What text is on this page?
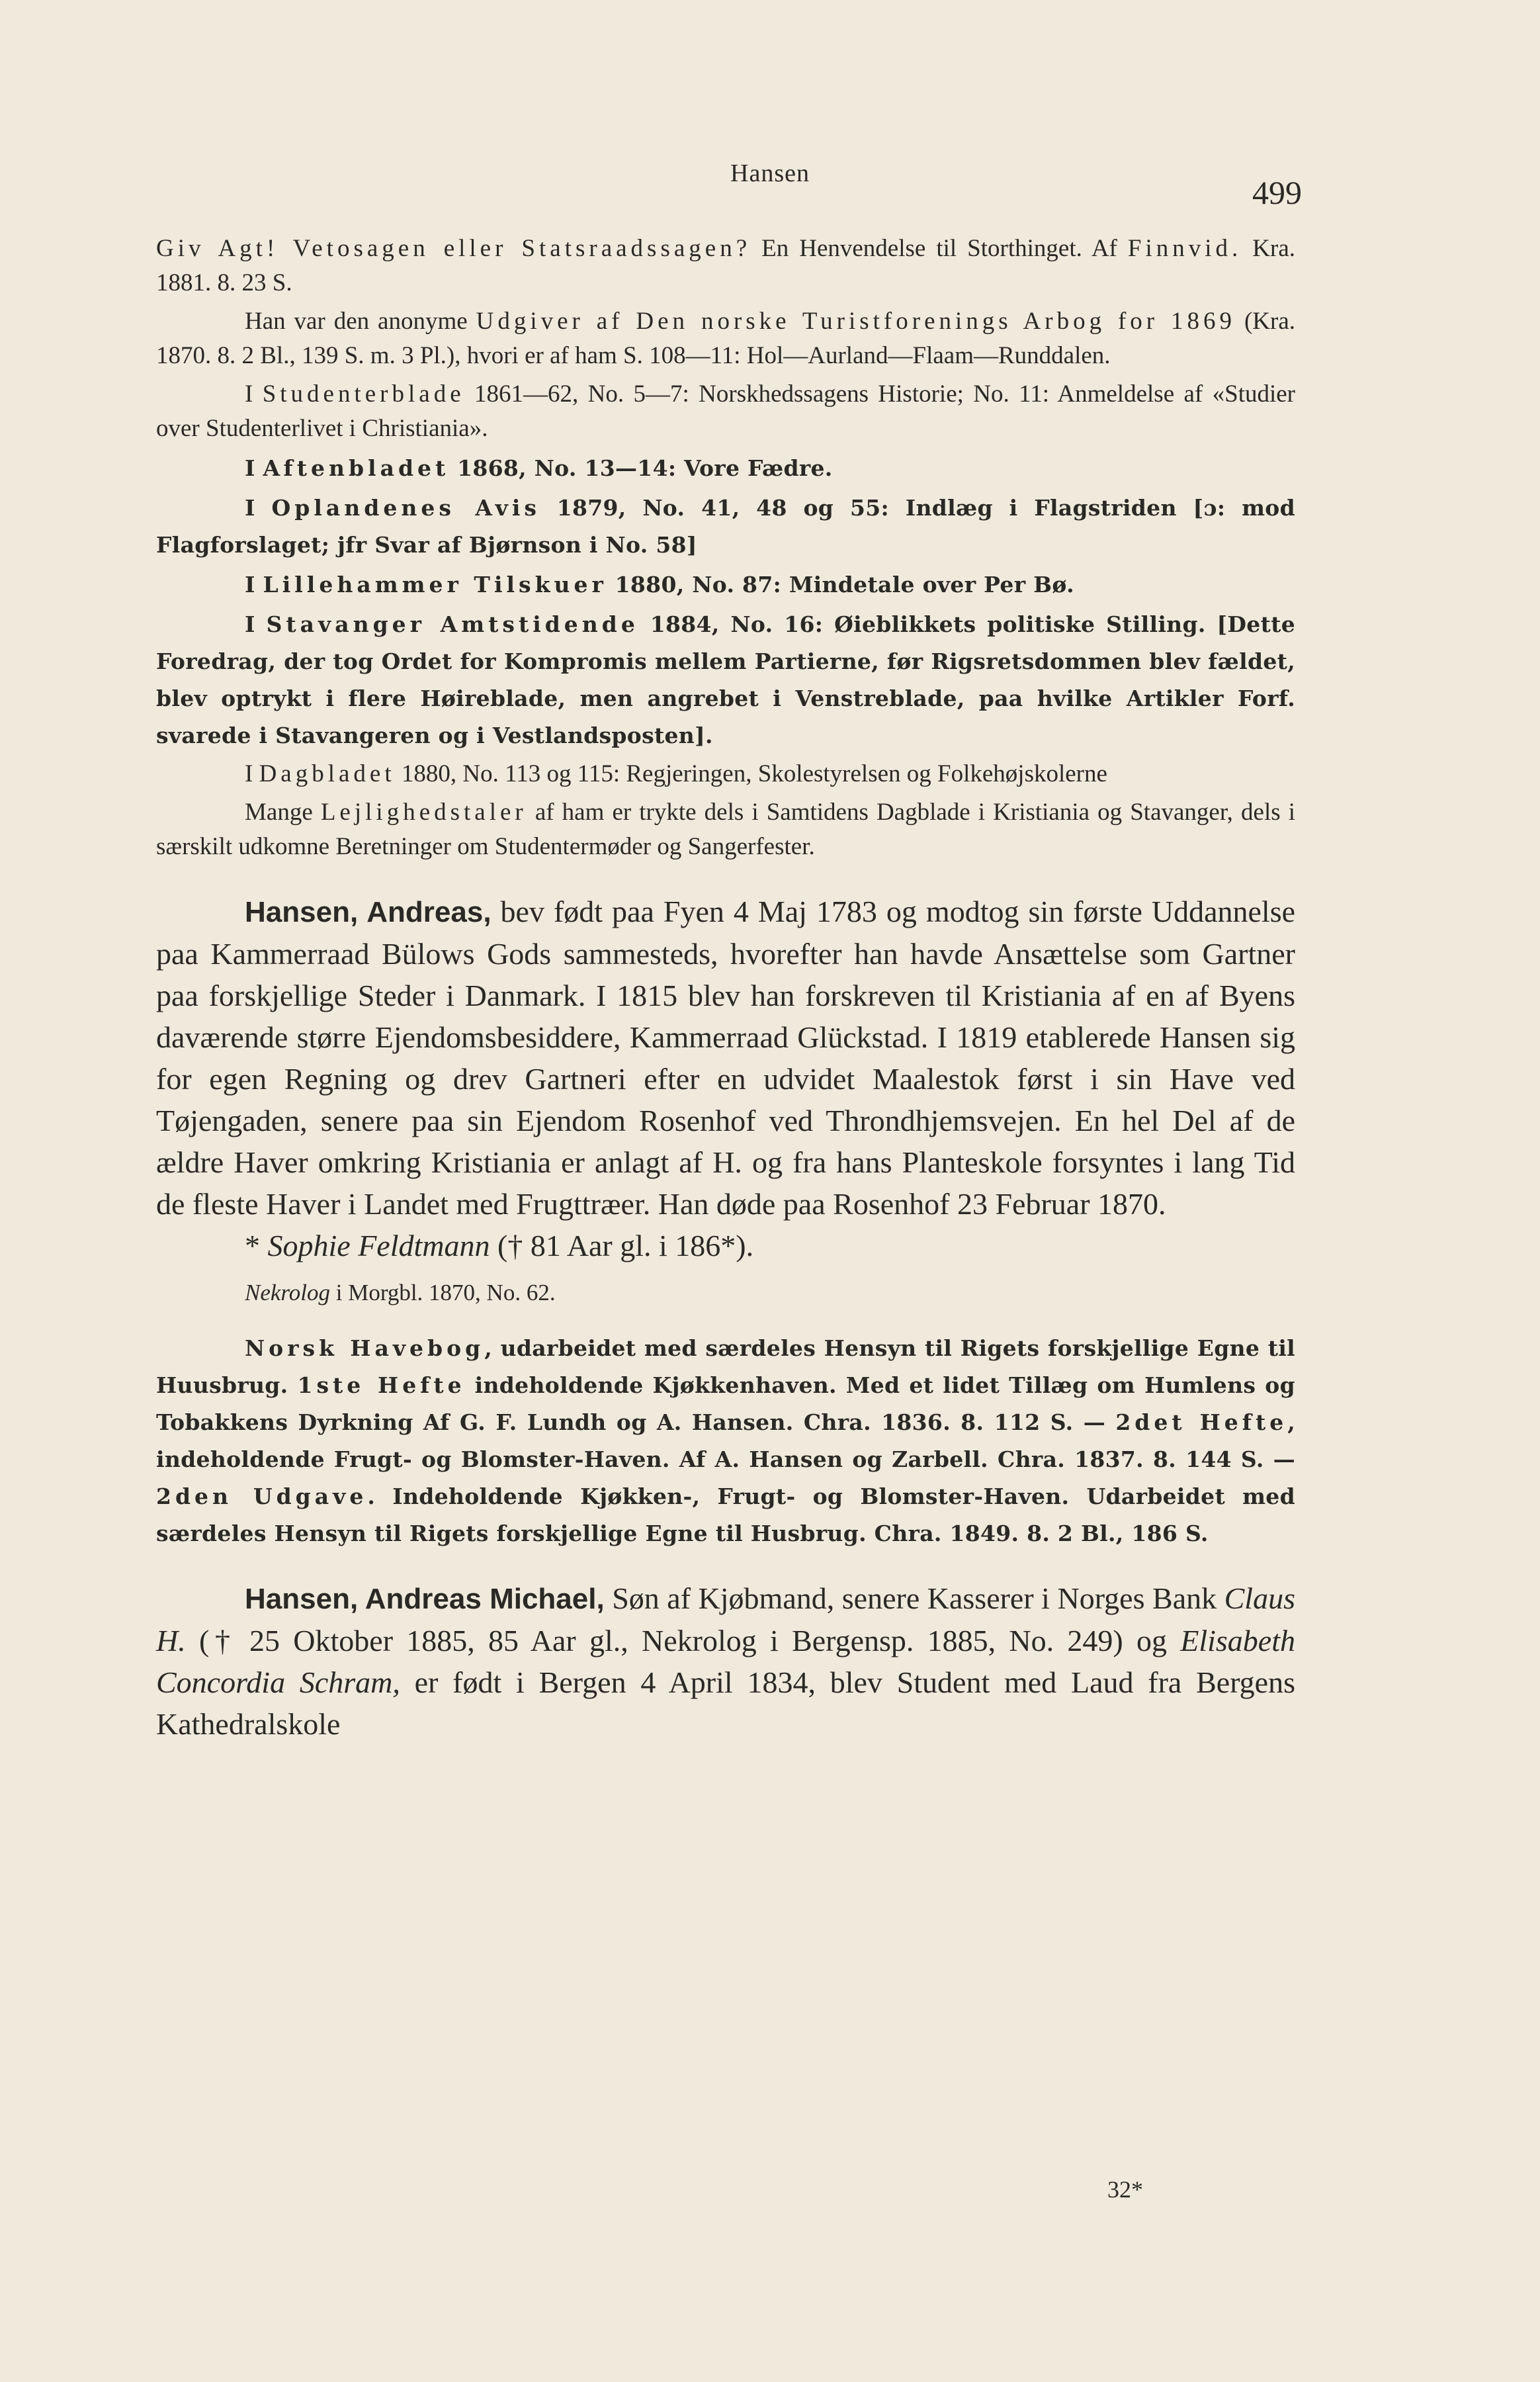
Hansen
499

Giv Agt! Vetosagen eller Statsraadssagen? En Henvendelse til Storthinget. Af Finnvid. Kra. 1881. 8. 23 S.

Han var den anonyme Udgiver af Den norske Turistforenings Arbog for 1869 (Kra. 1870. 8. 2 Bl., 139 S. m. 3 Pl.), hvori er af ham S. 108—11: Hol—Aurland—Flaam—Runddalen.

I Studenterblade 1861—62, No. 5—7: Norskhedssagens Historie; No. 11: Anmeldelse af «Studier over Studenterlivet i Christiania».

I Aftenbladet 1868, No. 13—14: Vore Fædre.

I Oplandenes Avis 1879, No. 41, 48 og 55: Indlæg i Flagstriden [ɔ: mod Flagforslaget; jfr Svar af Bjørnson i No. 58]

I Lillehammer Tilskuer 1880, No. 87: Mindetale over Per Bø.

I Stavanger Amtstidende 1884, No. 16: Øieblikkets politiske Stilling. [Dette Foredrag, der tog Ordet for Kompromis mellem Partierne, før Rigsretsdommen blev fældet, blev optrykt i flere Høireblade, men angrebet i Venstreblade, paa hvilke Artikler Forf. svarede i Stavangeren og i Vestlandsposten].

I Dagbladet 1880, No. 113 og 115: Regjeringen, Skolestyrelsen og Folkehøjskolerne

Mange Lejlighedstaler af ham er trykte dels i Samtidens Dagblade i Kristiania og Stavanger, dels i særskilt udkomne Beretninger om Studentermøder og Sangerfester.

Hansen, Andreas, bev født paa Fyen 4 Maj 1783 og modtog sin første Uddannelse paa Kammerraad Bülows Gods sammesteds, hvorefter han havde Ansættelse som Gartner paa forskjellige Steder i Danmark. I 1815 blev han forskreven til Kristiania af en af Byens daværende større Ejendomsbesiddere, Kammerraad Glückstad. I 1819 etablerede Hansen sig for egen Regning og drev Gartneri efter en udvidet Maalestok først i sin Have ved Tøjengaden, senere paa sin Ejendom Rosenhof ved Throndhjemsvejen. En hel Del af de ældre Haver omkring Kristiania er anlagt af H. og fra hans Planteskole forsyntes i lang Tid de fleste Haver i Landet med Frugttræer. Han døde paa Rosenhof 23 Februar 1870.

* Sophie Feldtmann († 81 Aar gl. i 186*).

Nekrolog i Morgbl. 1870, No. 62.

Norsk Havebog, udarbeidet med særdeles Hensyn til Rigets forskjellige Egne til Huusbrug. 1ste Hefte indeholdende Kjøkkenhaven. Med et lidet Tillæg om Humlens og Tobakkens Dyrkning Af G. F. Lundh og A. Hansen. Chra. 1836. 8. 112 S. — 2det Hefte, indeholdende Frugt- og Blomster-Haven. Af A. Hansen og Zarbell. Chra. 1837. 8. 144 S. — 2den Udgave. Indeholdende Kjøkken-, Frugt- og Blomster-Haven. Udarbeidet med særdeles Hensyn til Rigets forskjellige Egne til Husbrug. Chra. 1849. 8. 2 Bl., 186 S.

Hansen, Andreas Michael, Søn af Kjøbmand, senere Kasserer i Norges Bank Claus H. († 25 Oktober 1885, 85 Aar gl., Nekrolog i Bergensp. 1885, No. 249) og Elisabeth Concordia Schram, er født i Bergen 4 April 1834, blev Student med Laud fra Bergens Kathedralskole

32*
